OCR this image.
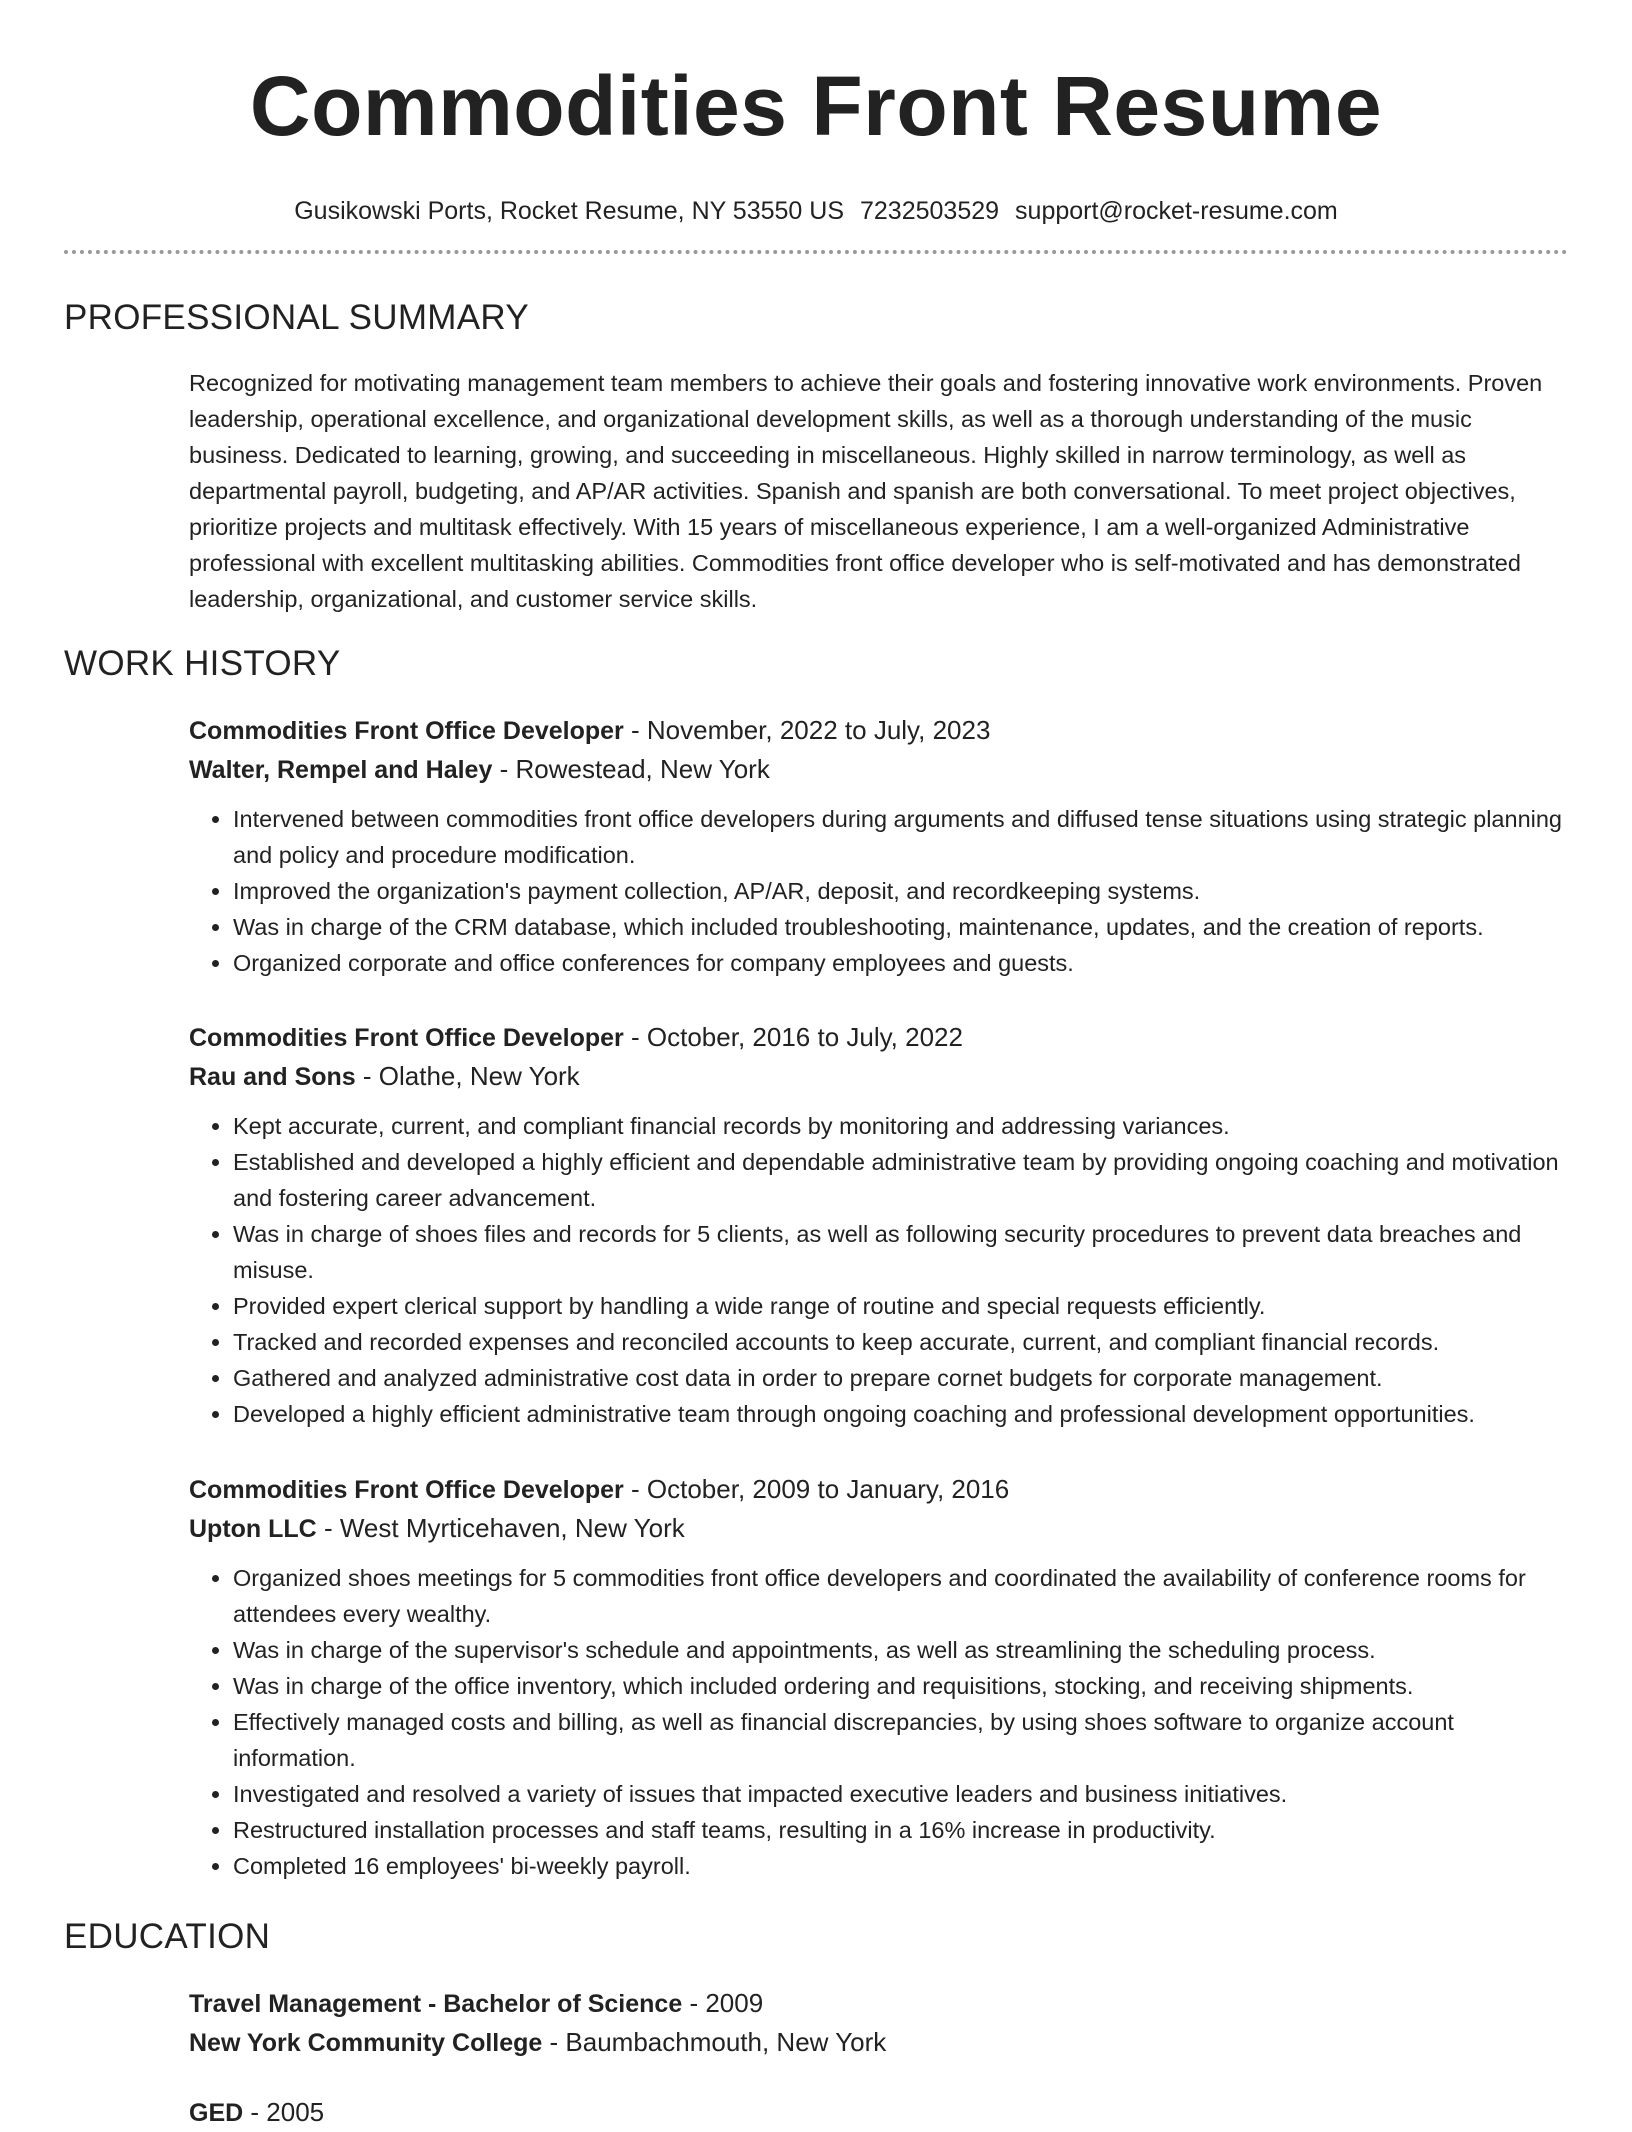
Commodities Front Resume
Gusikowski Ports, Rocket Resume, NY 53550 US 7232503529 support@rocket-resume.com
PROFESSIONAL SUMMARY

Recognized for motivating management team members to achieve their goals and fostering innovative work environments. Proven leadership, operational excellence, and organizational development skills, as well as a thorough understanding of the music business. Dedicated to learning, growing, and succeeding in miscellaneous. Highly skilled in narrow terminology, as well as departmental payroll, budgeting, and AP/AR activities. Spanish and spanish are both conversational. To meet project objectives, prioritize projects and multitask effectively. With 15 years of miscellaneous experience, I am a well-organized Administrative professional with excellent multitasking abilities. Commodities front office developer who is self-motivated and has demonstrated leadership, organizational, and customer service skills.

WORK HISTORY

Commodities Front Office Developer - November, 2022 to July, 2023

Walter, Rempel and Haley - Rowestead, New York

• Intervened between commodities front office developers during arguments and diffused tense situations using strategic planning and policy and procedure modification.
• Improved the organization's payment collection, AP/AR, deposit, and recordkeeping systems.
• Was in charge of the CRM database, which included troubleshooting, maintenance, updates, and the creation of reports.
• Organized corporate and office conferences for company employees and guests.

Commodities Front Office Developer - October, 2016 to July, 2022

Rau and Sons - Olathe, New York

• Kept accurate, current, and compliant financial records by monitoring and addressing variances.
• Established and developed a highly efficient and dependable administrative team by providing ongoing coaching and motivation and fostering career advancement.
• Was in charge of shoes files and records for 5 clients, as well as following security procedures to prevent data breaches and misuse.
• Provided expert clerical support by handling a wide range of routine and special requests efficiently.
• Tracked and recorded expenses and reconciled accounts to keep accurate, current, and compliant financial records.
• Gathered and analyzed administrative cost data in order to prepare cornet budgets for corporate management.
• Developed a highly efficient administrative team through ongoing coaching and professional development opportunities.

Commodities Front Office Developer - October, 2009 to January, 2016

Upton LLC - West Myrticehaven, New York

• Organized shoes meetings for 5 commodities front office developers and coordinated the availability of conference rooms for attendees every wealthy.
• Was in charge of the supervisor's schedule and appointments, as well as streamlining the scheduling process.
• Was in charge of the office inventory, which included ordering and requisitions, stocking, and receiving shipments.
• Effectively managed costs and billing, as well as financial discrepancies, by using shoes software to organize account information.
• Investigated and resolved a variety of issues that impacted executive leaders and business initiatives.
• Restructured installation processes and staff teams, resulting in a 16% increase in productivity.
• Completed 16 employees' bi-weekly payroll.
EDUCATION

Travel Management - Bachelor of Science - 2009

New York Community College - Baumbachmouth, New York

GED - 2005
